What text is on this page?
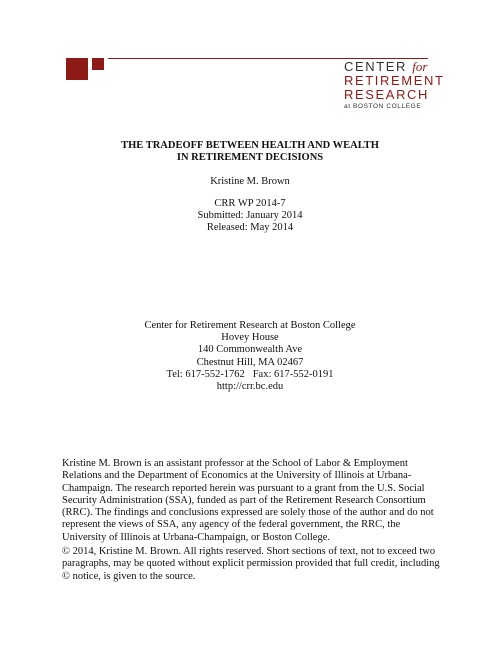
CENTER for
RETIREMENT
RESEARCH
at BOSTON COLLEGE
THE TRADEOFF BETWEEN HEALTH AND WEALTH
IN RETIREMENT DECISIONS
Kristine M. Brown
CRR WP 2014-7
Submitted: January 2014
Released: May 2014
Center for Retirement Research at Boston College
Hovey House
140 Commonwealth Ave
Chestnut Hill, MA 02467
Tel: 617-552-1762 Fax: 617-552-0191
http://crr.bc.edu
Kristine M. Brown is an assistant professor at the School of Labor & Employment Relations and the Department of Economics at the University of Illinois at Urbana-Champaign. The research reported herein was pursuant to a grant from the U.S. Social Security Administration (SSA), funded as part of the Retirement Research Consortium (RRC). The findings and conclusions expressed are solely those of the author and do not represent the views of SSA, any agency of the federal government, the RRC, the University of Illinois at Urbana-Champaign, or Boston College.
© 2014, Kristine M. Brown. All rights reserved. Short sections of text, not to exceed two paragraphs, may be quoted without explicit permission provided that full credit, including © notice, is given to the source.
